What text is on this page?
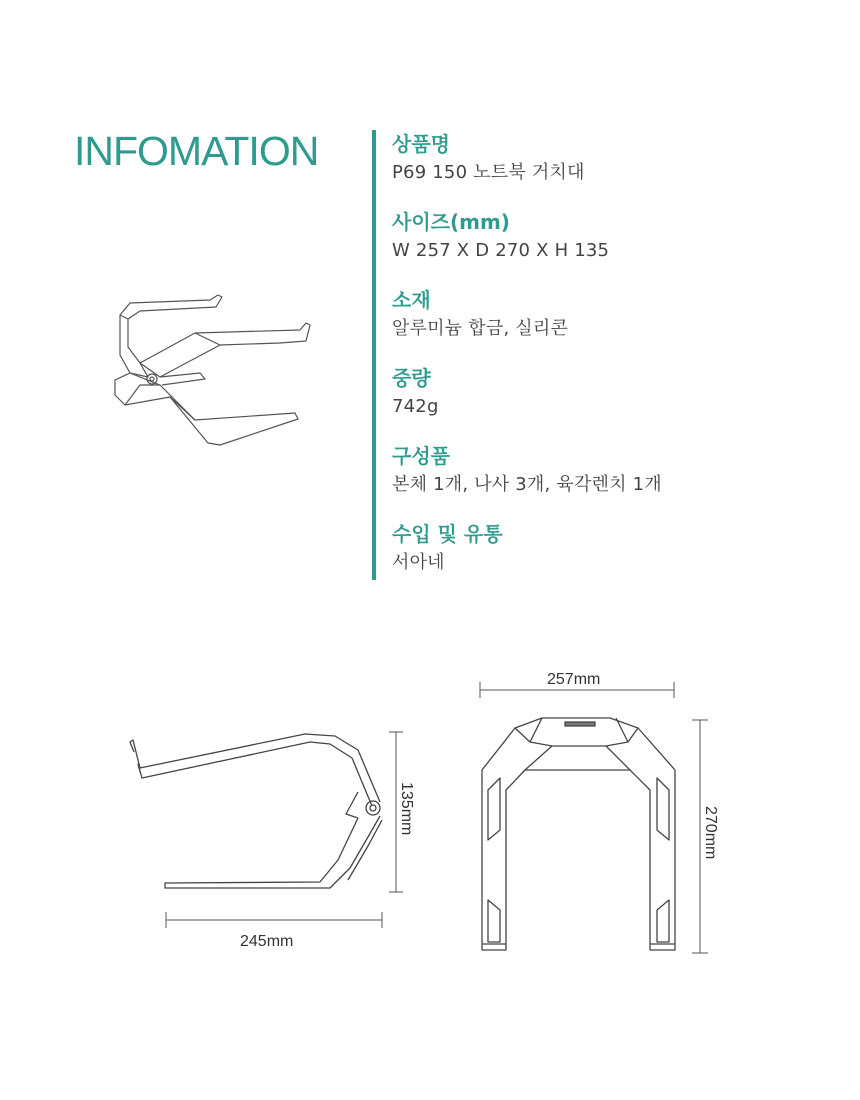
INFOMATION	상품명
P69 150 노트북 거치대
사이즈(mm)
W 257 X D 270 X H 135
소재
알루미늄 합금, 실리콘
중량
742g
구성품
본체 1개, 나사 3개, 육각렌치 1개
수입 및 유통
서아네
135mm
245mm
257mm
270mm
